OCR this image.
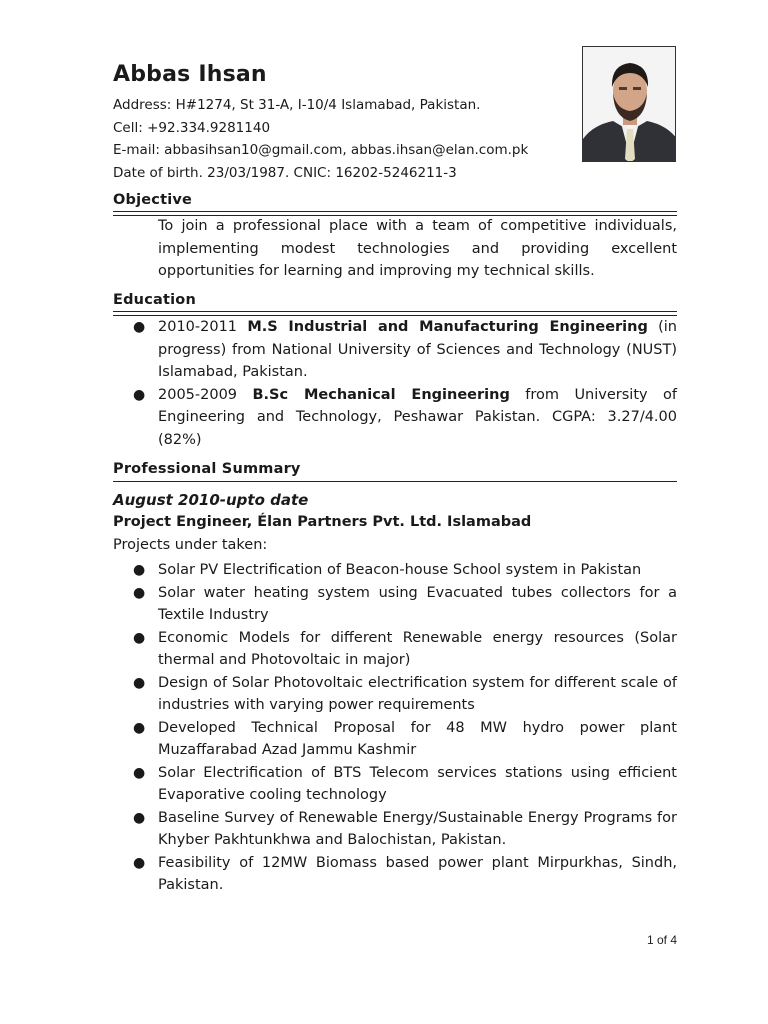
Abbas Ihsan
Address: H#1274, St 31-A, I-10/4 Islamabad, Pakistan.
Cell: +92.334.9281140
E-mail: abbasihsan10@gmail.com, abbas.ihsan@elan.com.pk
Date of birth. 23/03/1987. CNIC: 16202-5246211-3
Objective
To join a professional place with a team of competitive individuals, implementing modest technologies and providing excellent opportunities for learning and improving my technical skills.
Education
● 2010-2011 M.S Industrial and Manufacturing Engineering (in progress) from National University of Sciences and Technology (NUST) Islamabad, Pakistan.
● 2005-2009 B.Sc Mechanical Engineering from University of Engineering and Technology, Peshawar Pakistan. CGPA: 3.27/4.00 (82%)
Professional Summary
August 2010-upto date
Project Engineer, Élan Partners Pvt. Ltd. Islamabad
Projects under taken:
● Solar PV Electrification of Beacon-house School system in Pakistan
● Solar water heating system using Evacuated tubes collectors for a Textile Industry
● Economic Models for different Renewable energy resources (Solar thermal and Photovoltaic in major)
● Design of Solar Photovoltaic electrification system for different scale of industries with varying power requirements
● Developed Technical Proposal for 48 MW hydro power plant Muzaffarabad Azad Jammu Kashmir
● Solar Electrification of BTS Telecom services stations using efficient Evaporative cooling technology
● Baseline Survey of Renewable Energy/Sustainable Energy Programs for Khyber Pakhtunkhwa and Balochistan, Pakistan.
● Feasibility of 12MW Biomass based power plant Mirpurkhas, Sindh, Pakistan.
1 of 4
